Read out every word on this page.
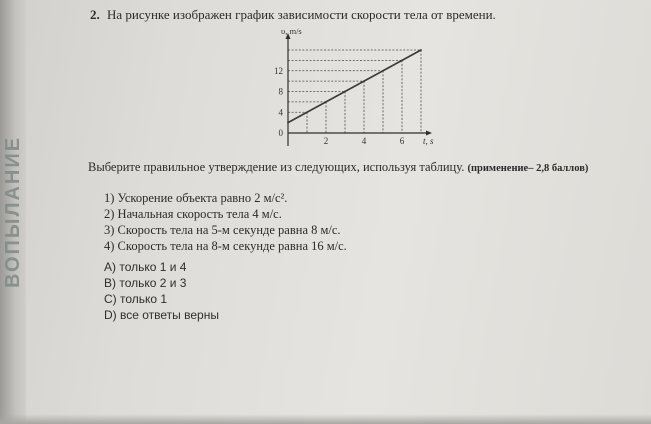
ВОПЫЛАНИЕ
2. На рисунке изображен график зависимости скорости тела от времени.
υ, m/s
t, s
0
4
8
12
2	4	6
Выберите правильное утверждение из следующих, используя таблицу. (применение– 2,8 баллов)
1) Ускорение объекта равно 2 м/с².
2) Начальная скорость тела 4 м/с.
3) Скорость тела на 5-м секунде равна 8 м/с.
4) Скорость тела на 8-м секунде равна 16 м/с.
А) только 1 и 4
В) только 2 и 3
С) только 1
D) все ответы верны
